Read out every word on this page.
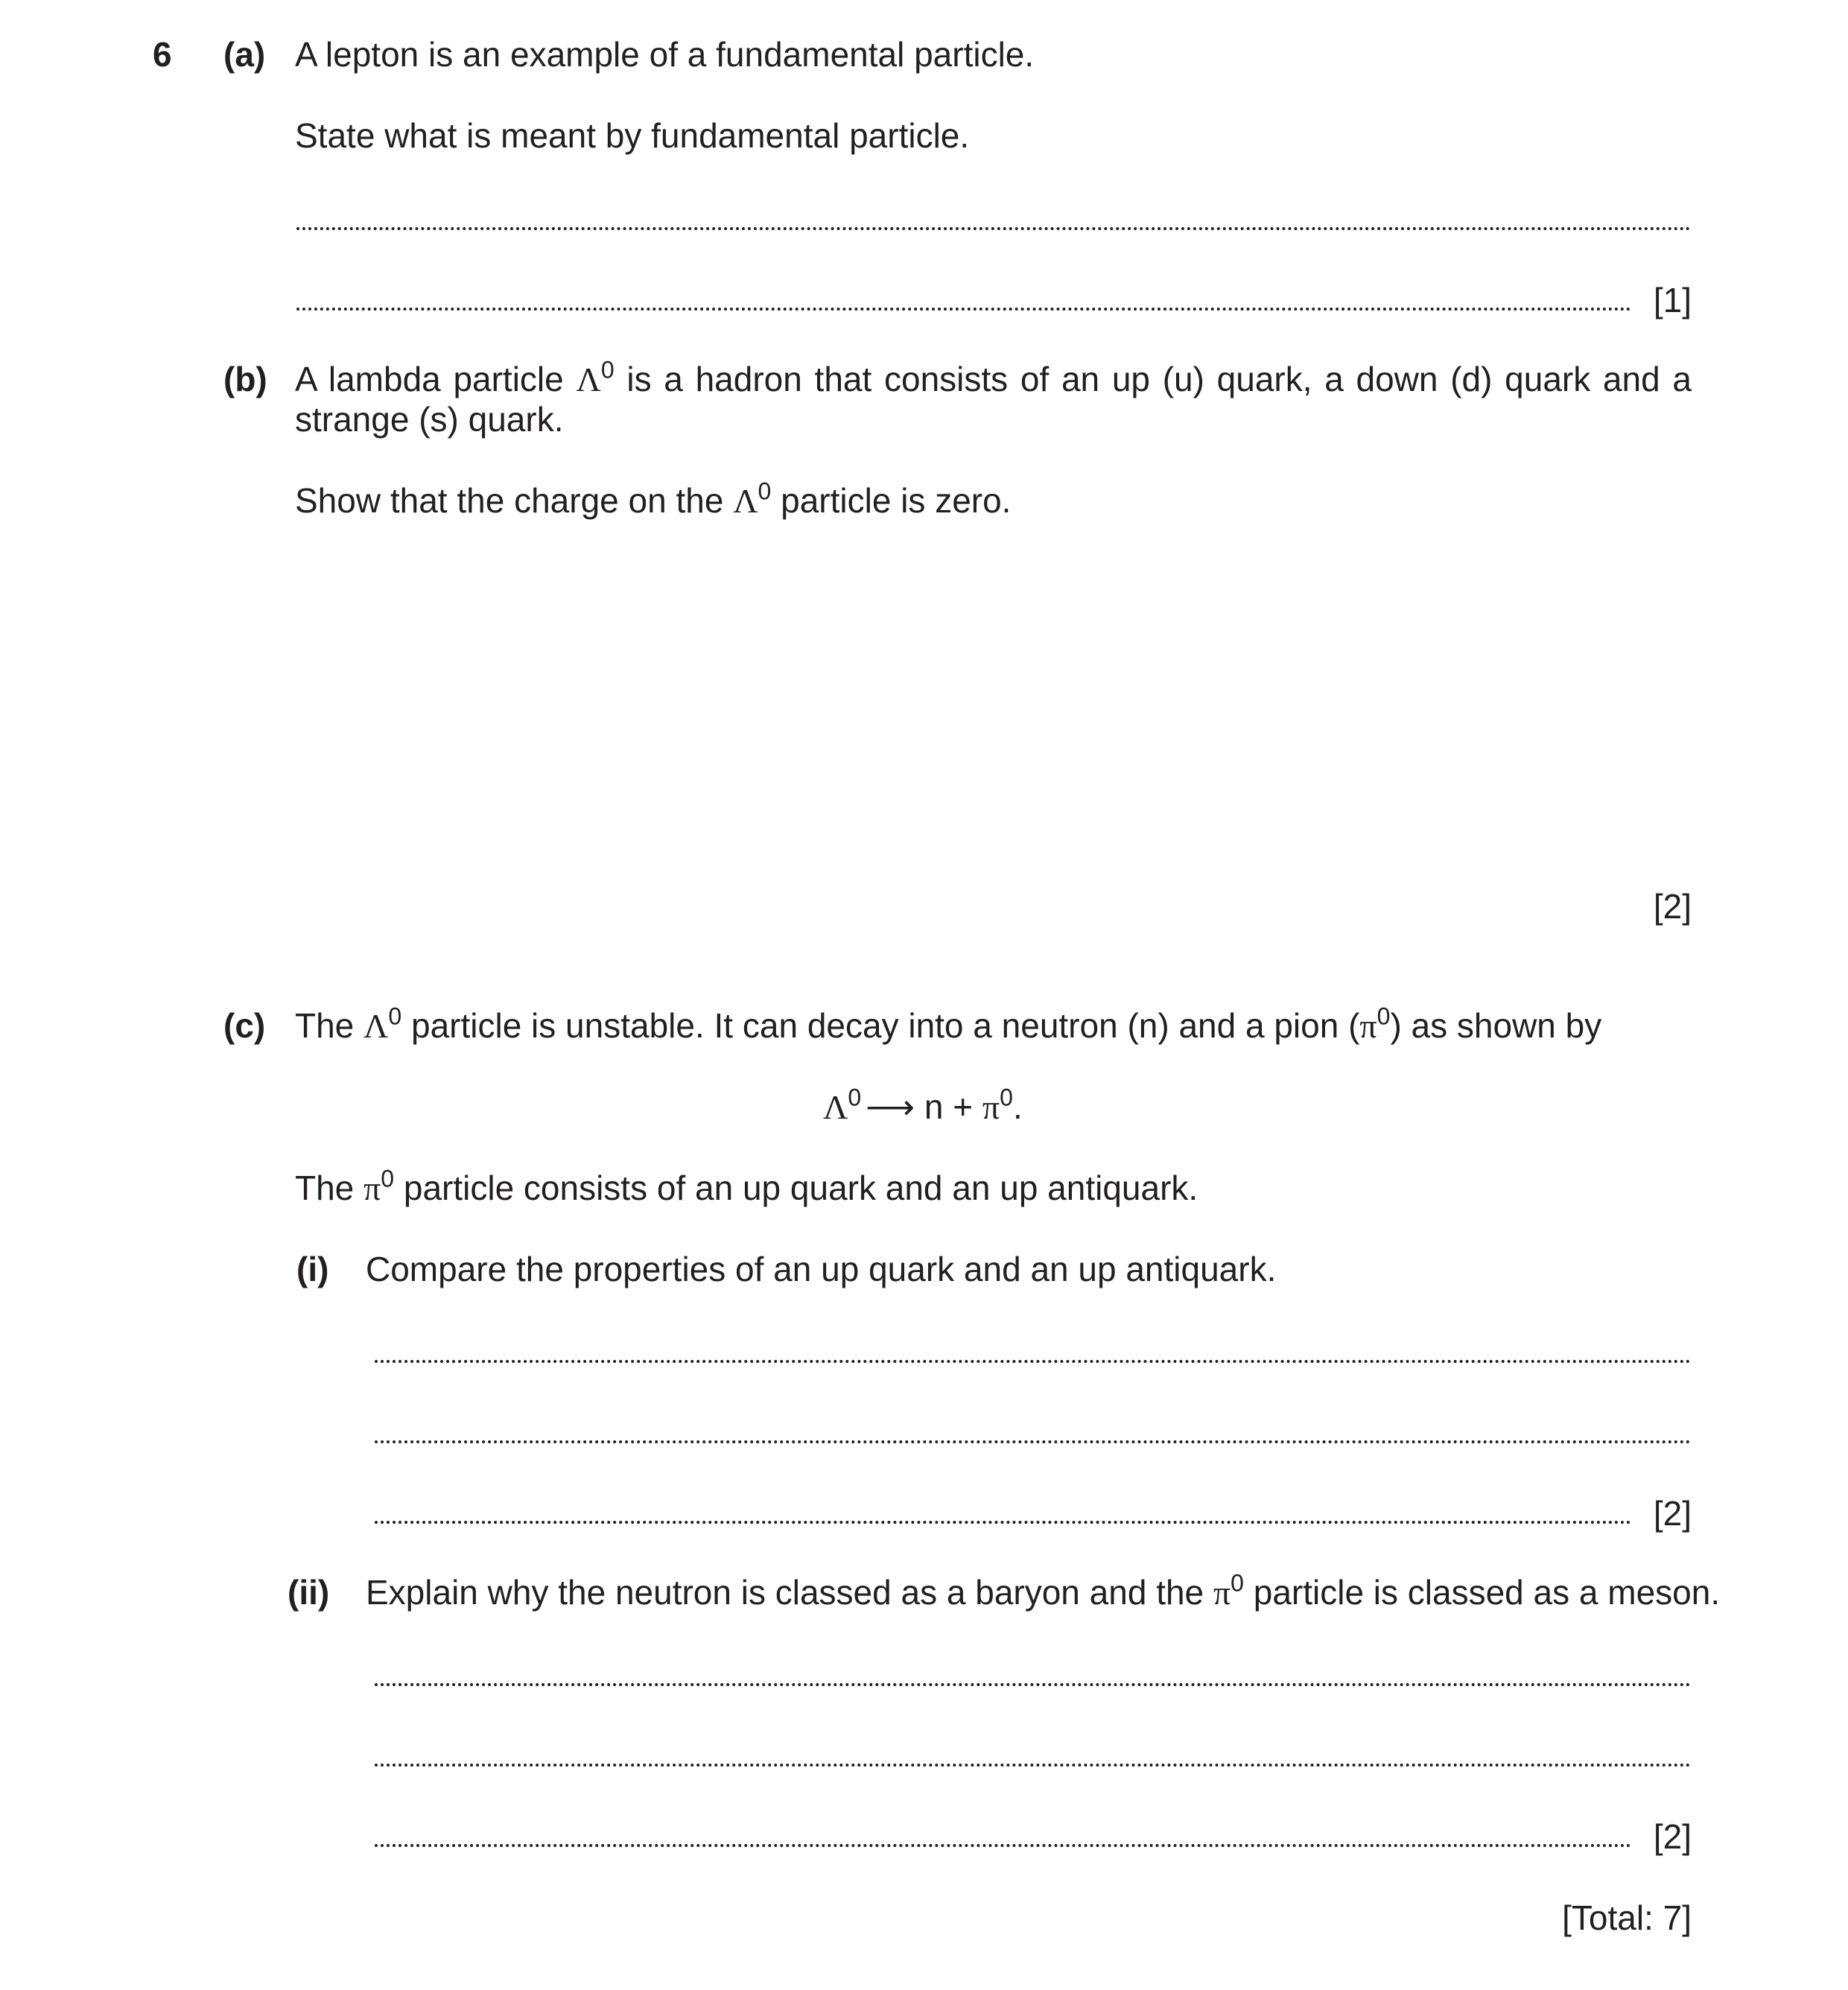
6 (a) A lepton is an example of a fundamental particle.
State what is meant by fundamental particle.
[1]
(b) A lambda particle $\Lambda^0$ is a hadron that consists of an up (u) quark, a down (d) quark and a
strange (s) quark.
Show that the charge on the $\Lambda^0$ particle is zero.
[2]
(c) The $\Lambda^0$ particle is unstable. It can decay into a neutron (n) and a pion $(\pi^0)$ as shown by
$\Lambda^0$ ⟶ $n + \pi^0$.
The $\pi^0$ particle consists of an up quark and an up antiquark.
(i) Compare the properties of an up quark and an up antiquark.
[2]
(ii) Explain why the neutron is classed as a baryon and the $\pi^0$ particle is classed as a meson.
[2]
[Total: 7]
